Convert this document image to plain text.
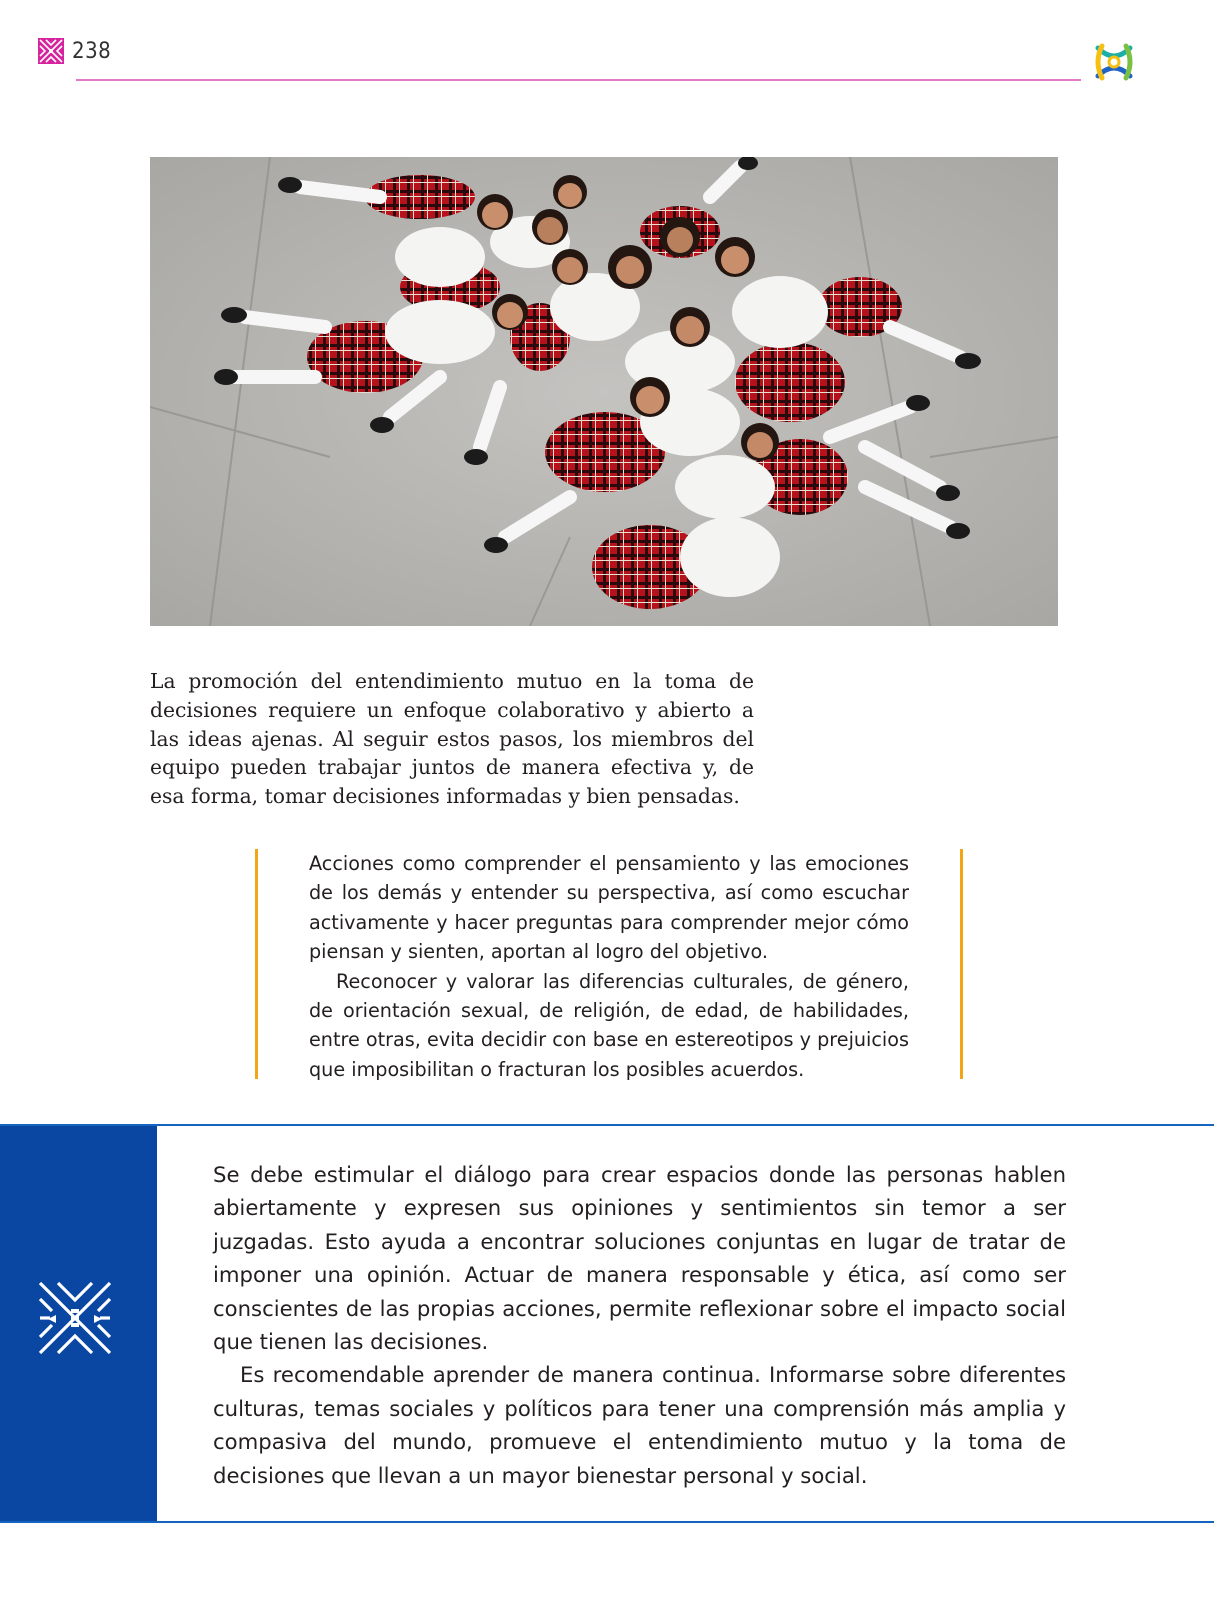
238

La promoción del entendimiento mutuo en la toma de decisiones requiere un enfoque colaborativo y abierto a las ideas ajenas. Al seguir estos pasos, los miembros del equipo pueden trabajar juntos de manera efectiva y, de esa forma, tomar decisiones informadas y bien pensadas.

Acciones como comprender el pensamiento y las emociones de los demás y entender su perspectiva, así como escuchar activamente y hacer preguntas para comprender mejor cómo piensan y sienten, aportan al logro del objetivo.

Reconocer y valorar las diferencias culturales, de género, de orientación sexual, de religión, de edad, de habilidades, entre otras, evita decidir con base en estereotipos y prejuicios que imposibilitan o fracturan los posibles acuerdos.

Se debe estimular el diálogo para crear espacios donde las personas hablen abiertamente y expresen sus opiniones y sentimientos sin temor a ser juzgadas. Esto ayuda a encontrar soluciones conjuntas en lugar de tratar de imponer una opinión. Actuar de manera responsable y ética, así como ser conscientes de las propias acciones, permite reflexionar sobre el impacto social que tienen las decisiones.

Es recomendable aprender de manera continua. Informarse sobre diferentes culturas, temas sociales y políticos para tener una comprensión más amplia y compasiva del mundo, promueve el entendimiento mutuo y la toma de decisiones que llevan a un mayor bienestar personal y social.
